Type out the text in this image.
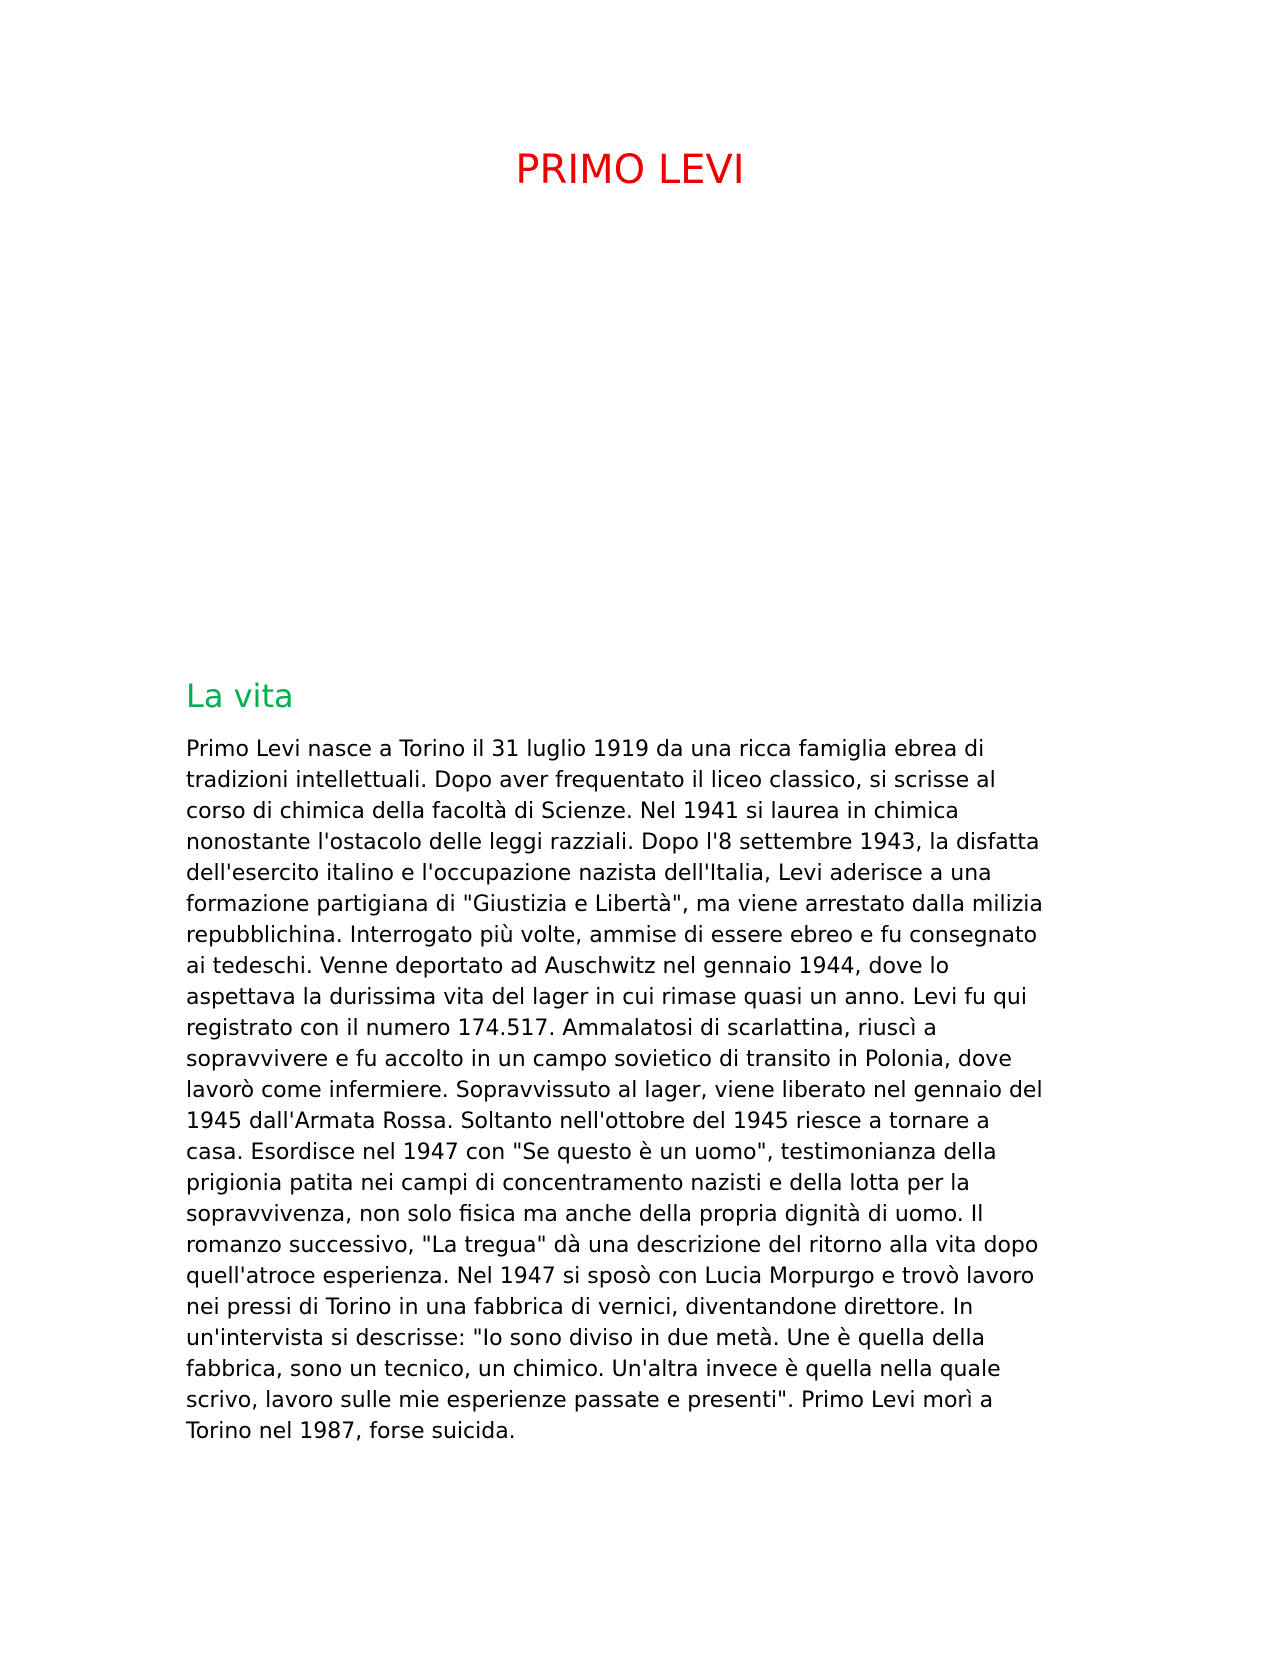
PRIMO LEVI
La vita

Primo Levi nasce a Torino il 31 luglio 1919 da una ricca famiglia ebrea di
tradizioni intellettuali. Dopo aver frequentato il liceo classico, si scrisse al
corso di chimica della facoltà di Scienze. Nel 1941 si laurea in chimica
nonostante l'ostacolo delle leggi razziali. Dopo l'8 settembre 1943, la disfatta
dell'esercito italino e l'occupazione nazista dell'Italia, Levi aderisce a una
formazione partigiana di "Giustizia e Libertà", ma viene arrestato dalla milizia
repubblichina. Interrogato più volte, ammise di essere ebreo e fu consegnato
ai tedeschi. Venne deportato ad Auschwitz nel gennaio 1944, dove lo
aspettava la durissima vita del lager in cui rimase quasi un anno. Levi fu qui
registrato con il numero 174.517. Ammalatosi di scarlattina, riuscì a
sopravvivere e fu accolto in un campo sovietico di transito in Polonia, dove
lavorò come infermiere. Sopravvissuto al lager, viene liberato nel gennaio del
1945 dall'Armata Rossa. Soltanto nell'ottobre del 1945 riesce a tornare a
casa. Esordisce nel 1947 con "Se questo è un uomo", testimonianza della
prigionia patita nei campi di concentramento nazisti e della lotta per la
sopravvivenza, non solo fisica ma anche della propria dignità di uomo. Il
romanzo successivo, "La tregua" dà una descrizione del ritorno alla vita dopo
quell'atroce esperienza. Nel 1947 si sposò con Lucia Morpurgo e trovò lavoro
nei pressi di Torino in una fabbrica di vernici, diventandone direttore. In
un'intervista si descrisse: "Io sono diviso in due metà. Une è quella della
fabbrica, sono un tecnico, un chimico. Un'altra invece è quella nella quale
scrivo, lavoro sulle mie esperienze passate e presenti". Primo Levi morì a
Torino nel 1987, forse suicida.
